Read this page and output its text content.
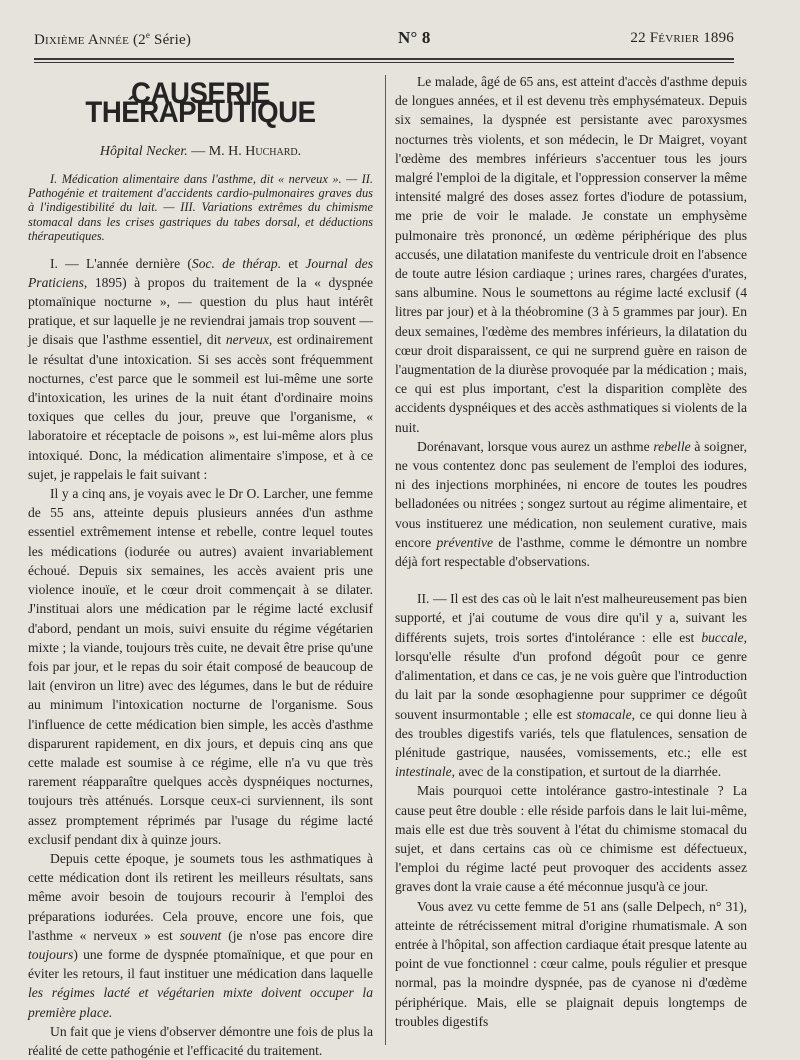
Dixième Année (2e Série)	N° 8	22 Février 1896
CAUSERIE THÉRAPEUTIQUE
Hôpital Necker. — M. H. Huchard.

I. Médication alimentaire dans l'asthme, dit « nerveux ». — II. Pathogénie et traitement d'accidents cardio-pulmonaires graves dus à l'indigestibilité du lait. — III. Variations extrêmes du chimisme stomacal dans les crises gastriques du tabes dorsal, et déductions thérapeutiques.

I. — L'année dernière (Soc. de thérap. et Journal des Praticiens, 1895) à propos du traitement de la « dyspnée ptomaïnique nocturne », — question du plus haut intérêt pratique, et sur laquelle je ne reviendrai jamais trop souvent — je disais que l'asthme essentiel, dit nerveux, est ordinairement le résultat d'une intoxication. Si ses accès sont fréquemment nocturnes, c'est parce que le sommeil est lui-même une sorte d'intoxication, les urines de la nuit étant d'ordinaire moins toxiques que celles du jour, preuve que l'organisme, « laboratoire et réceptacle de poisons », est lui-même alors plus intoxiqué. Donc, la médication alimentaire s'impose, et à ce sujet, je rappelais le fait suivant :

Il y a cinq ans, je voyais avec le Dr O. Larcher, une femme de 55 ans, atteinte depuis plusieurs années d'un asthme essentiel extrêmement intense et rebelle, contre lequel toutes les médications (iodurée ou autres) avaient invariablement échoué. Depuis six semaines, les accès avaient pris une violence inouïe, et le cœur droit commençait à se dilater. J'instituai alors une médication par le régime lacté exclusif d'abord, pendant un mois, suivi ensuite du régime végétarien mixte ; la viande, toujours très cuite, ne devait être prise qu'une fois par jour, et le repas du soir était composé de beaucoup de lait (environ un litre) avec des légumes, dans le but de réduire au minimum l'intoxication nocturne de l'organisme. Sous l'influence de cette médication bien simple, les accès d'asthme disparurent rapidement, en dix jours, et depuis cinq ans que cette malade est soumise à ce régime, elle n'a vu que très rarement réapparaître quelques accès dyspnéiques nocturnes, toujours très atténués. Lorsque ceux-ci surviennent, ils sont assez promptement réprimés par l'usage du régime lacté exclusif pendant dix à quinze jours.

Depuis cette époque, je soumets tous les asthmatiques à cette médication dont ils retirent les meilleurs résultats, sans même avoir besoin de toujours recourir à l'emploi des préparations iodurées. Cela prouve, encore une fois, que l'asthme « nerveux » est souvent (je n'ose pas encore dire toujours) une forme de dyspnée ptomaïnique, et que pour en éviter les retours, il faut instituer une médication dans laquelle les régimes lacté et végétarien mixte doivent occuper la première place.

Un fait que je viens d'observer démontre une fois de plus la réalité de cette pathogénie et l'efficacité du traitement.

Le malade, âgé de 65 ans, est atteint d'accès d'asthme depuis de longues années, et il est devenu très emphysémateux. Depuis six semaines, la dyspnée est persistante avec paroxysmes nocturnes très violents, et son médecin, le Dr Maigret, voyant l'œdème des membres inférieurs s'accentuer tous les jours malgré l'emploi de la digitale, et l'oppression conserver la même intensité malgré des doses assez fortes d'iodure de potassium, me prie de voir le malade. Je constate un emphysème pulmonaire très prononcé, un œdème périphérique des plus accusés, une dilatation manifeste du ventricule droit en l'absence de toute autre lésion cardiaque ; urines rares, chargées d'urates, sans albumine. Nous le soumettons au régime lacté exclusif (4 litres par jour) et à la théobromine (3 à 5 grammes par jour). En deux semaines, l'œdème des membres inférieurs, la dilatation du cœur droit disparaissent, ce qui ne surprend guère en raison de l'augmentation de la diurèse provoquée par la médication ; mais, ce qui est plus important, c'est la disparition complète des accidents dyspnéiques et des accès asthmatiques si violents de la nuit.

Dorénavant, lorsque vous aurez un asthme rebelle à soigner, ne vous contentez donc pas seulement de l'emploi des iodures, ni des injections morphinées, ni encore de toutes les poudres belladonées ou nitrées ; songez surtout au régime alimentaire, et vous instituerez une médication, non seulement curative, mais encore préventive de l'asthme, comme le démontre un nombre déjà fort respectable d'observations.

II. — Il est des cas où le lait n'est malheureusement pas bien supporté, et j'ai coutume de vous dire qu'il y a, suivant les différents sujets, trois sortes d'intolérance : elle est buccale, lorsqu'elle résulte d'un profond dégoût pour ce genre d'alimentation, et dans ce cas, je ne vois guère que l'introduction du lait par la sonde œsophagienne pour supprimer ce dégoût souvent insurmontable ; elle est stomacale, ce qui donne lieu à des troubles digestifs variés, tels que flatulences, sensation de plénitude gastrique, nausées, vomissements, etc.; elle est intestinale, avec de la constipation, et surtout de la diarrhée.

Mais pourquoi cette intolérance gastro-intestinale ? La cause peut être double : elle réside parfois dans le lait lui-même, mais elle est due très souvent à l'état du chimisme stomacal du sujet, et dans certains cas où ce chimisme est défectueux, l'emploi du régime lacté peut provoquer des accidents assez graves dont la vraie cause a été méconnue jusqu'à ce jour.

Vous avez vu cette femme de 51 ans (salle Delpech, n° 31), atteinte de rétrécissement mitral d'origine rhumatismale. A son entrée à l'hôpital, son affection cardiaque était presque latente au point de vue fonctionnel : cœur calme, pouls régulier et presque normal, pas la moindre dyspnée, pas de cyanose ni d'œdème périphérique. Mais, elle se plaignait depuis longtemps de troubles digestifs
